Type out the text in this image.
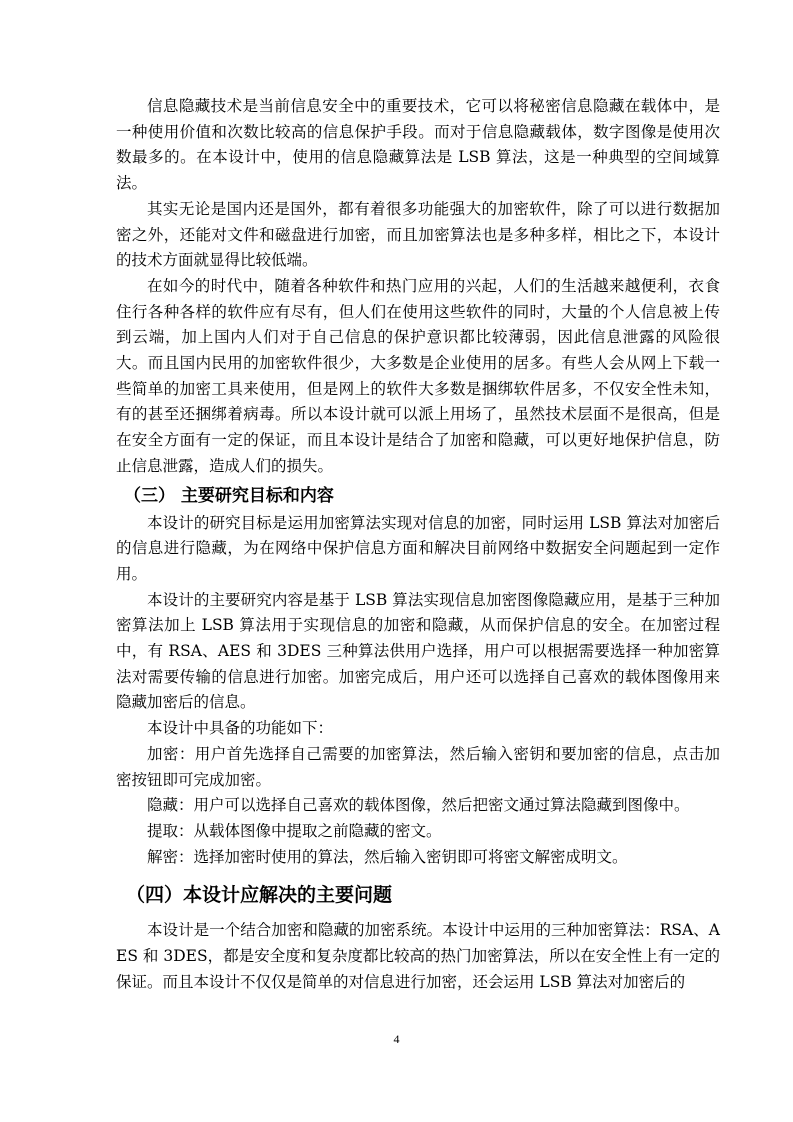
信息隐藏技术是当前信息安全中的重要技术，它可以将秘密信息隐藏在载体中，是一种使用价值和次数比较高的信息保护手段。而对于信息隐藏载体，数字图像是使用次数最多的。在本设计中，使用的信息隐藏算法是 LSB 算法，这是一种典型的空间域算法。

其实无论是国内还是国外，都有着很多功能强大的加密软件，除了可以进行数据加密之外，还能对文件和磁盘进行加密，而且加密算法也是多种多样，相比之下，本设计的技术方面就显得比较低端。

在如今的时代中，随着各种软件和热门应用的兴起，人们的生活越来越便利，衣食住行各种各样的软件应有尽有，但人们在使用这些软件的同时，大量的个人信息被上传到云端，加上国内人们对于自己信息的保护意识都比较薄弱，因此信息泄露的风险很大。而且国内民用的加密软件很少，大多数是企业使用的居多。有些人会从网上下载一些简单的加密工具来使用，但是网上的软件大多数是捆绑软件居多，不仅安全性未知，有的甚至还捆绑着病毒。所以本设计就可以派上用场了，虽然技术层面不是很高，但是在安全方面有一定的保证，而且本设计是结合了加密和隐藏，可以更好地保护信息，防止信息泄露，造成人们的损失。

（三） 主要研究目标和内容

本设计的研究目标是运用加密算法实现对信息的加密，同时运用 LSB 算法对加密后的信息进行隐藏，为在网络中保护信息方面和解决目前网络中数据安全问题起到一定作用。

本设计的主要研究内容是基于 LSB 算法实现信息加密图像隐藏应用，是基于三种加密算法加上 LSB 算法用于实现信息的加密和隐藏，从而保护信息的安全。在加密过程中，有 RSA、AES 和 3DES 三种算法供用户选择，用户可以根据需要选择一种加密算法对需要传输的信息进行加密。加密完成后，用户还可以选择自己喜欢的载体图像用来隐藏加密后的信息。

本设计中具备的功能如下：

加密：用户首先选择自己需要的加密算法，然后输入密钥和要加密的信息，点击加密按钮即可完成加密。

隐藏：用户可以选择自己喜欢的载体图像，然后把密文通过算法隐藏到图像中。

提取：从载体图像中提取之前隐藏的密文。

解密：选择加密时使用的算法，然后输入密钥即可将密文解密成明文。

（四）本设计应解决的主要问题

本设计是一个结合加密和隐藏的加密系统。本设计中运用的三种加密算法：RSA、AES 和 3DES，都是安全度和复杂度都比较高的热门加密算法，所以在安全性上有一定的保证。而且本设计不仅仅是简单的对信息进行加密，还会运用 LSB 算法对加密后的

4
